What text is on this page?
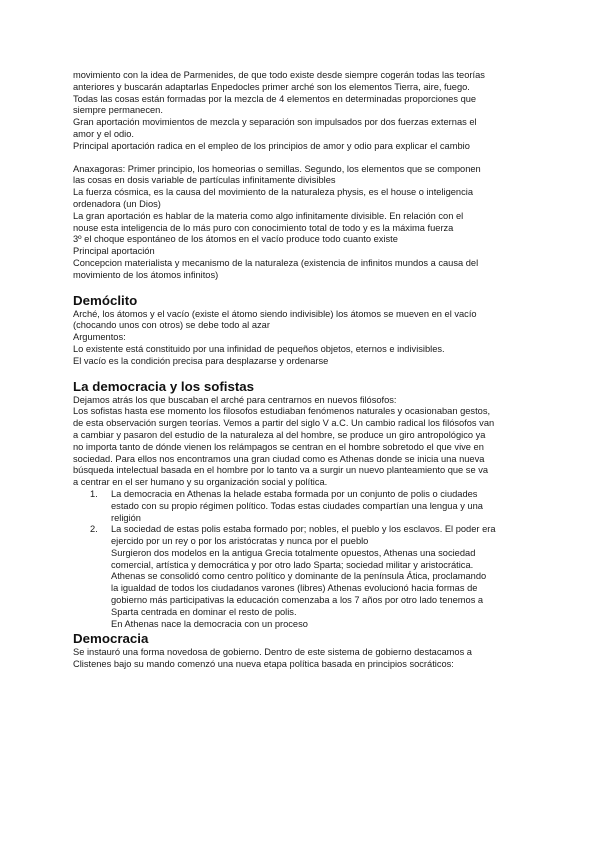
movimiento con la idea de Parmenides, de que todo existe desde siempre cogerán todas las teorías

anteriores y buscarán adaptarlas Enpedocles primer arché son los elementos Tierra, aire, fuego.

Todas las cosas están formadas por la mezcla de 4 elementos en determinadas proporciones que

siempre permanecen.

Gran aportación movimientos de mezcla y separación son impulsados por dos fuerzas externas el

amor y el odio.

Principal aportación radica en el empleo de los principios de amor y odio para explicar el cambio

Anaxagoras: Primer principio, los homeorias o semillas. Segundo, los elementos que se componen

las cosas en dosis variable de partículas infinitamente divisibles

La fuerza cósmica, es la causa del movimiento de la naturaleza physis, es el house o inteligencia

ordenadora (un Dios)

La gran aportación es hablar de la materia como algo infinitamente divisible. En relación con el

nouse esta inteligencia de lo más puro con conocimiento total de todo y es la máxima fuerza

3º el choque espontáneo de los átomos en el vacío produce todo cuanto existe

Principal aportación

Concepcion materialista y mecanismo de la naturaleza (existencia de infinitos mundos a causa del

movimiento de los átomos infinitos)

Demóclito

Arché, los átomos y el vacío (existe el átomo siendo indivisible) los átomos se mueven en el vacío

(chocando unos con otros) se debe todo al azar

Argumentos:

Lo existente está constituido por una infinidad de pequeños objetos, eternos e indivisibles.

El vacío es la condición precisa para desplazarse y ordenarse

La democracia y los sofistas

Dejamos atrás los que buscaban el arché para centrarnos en nuevos filósofos:

Los sofistas hasta ese momento los filosofos estudiaban fenómenos naturales y ocasionaban gestos,

de esta observación surgen teorías. Vemos a partir del siglo V a.C. Un cambio radical los filósofos van

a cambiar y pasaron del estudio de la naturaleza al del hombre, se produce un giro antropológico ya

no importa tanto de dónde vienen los relámpagos se centran en el hombre sobretodo el que vive en

sociedad. Para ellos nos encontramos una gran ciudad como es Athenas donde se inicia una nueva

búsqueda intelectual basada en el hombre por lo tanto va a surgir un nuevo planteamiento que se va

a centrar en el ser humano y su organización social y política.

1. La democracia en Athenas la helade estaba formada por un conjunto de polis o ciudades

estado con su propio régimen político. Todas estas ciudades compartían una lengua y una

religión

2. La sociedad de estas polis estaba formado por; nobles, el pueblo y los esclavos. El poder era

ejercido por un rey o por los aristócratas y nunca por el pueblo

Surgieron dos modelos en la antigua Grecia totalmente opuestos, Athenas una sociedad

comercial, artística y democrática y por otro lado Sparta; sociedad militar y aristocrática.

Athenas se consolidó como centro político y dominante de la península Ática, proclamando

la igualdad de todos los ciudadanos varones (libres) Athenas evolucionó hacia formas de

gobierno más participativas la educación comenzaba a los 7 años por otro lado tenemos a

Sparta centrada en dominar el resto de polis.

En Athenas nace la democracia con un proceso

Democracia

Se instauró una forma novedosa de gobierno. Dentro de este sistema de gobierno destacamos a

Clistenes bajo su mando comenzó una nueva etapa política basada en principios socráticos:
